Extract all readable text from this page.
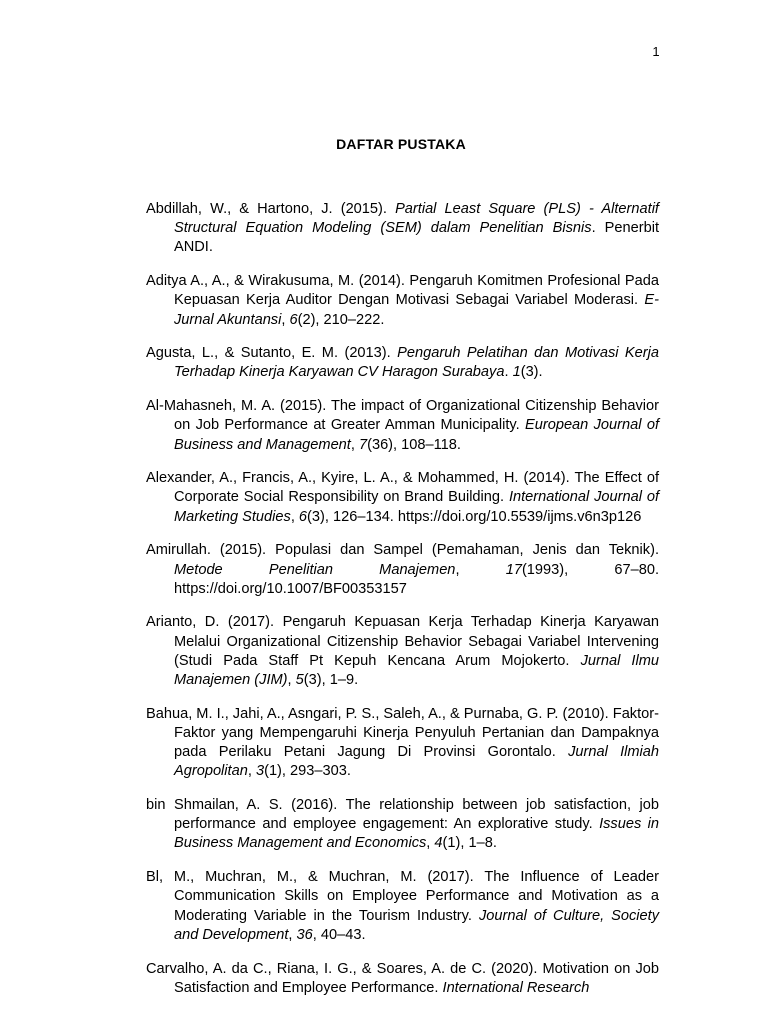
1
DAFTAR PUSTAKA

Abdillah, W., & Hartono, J. (2015). Partial Least Square (PLS) - Alternatif Structural Equation Modeling (SEM) dalam Penelitian Bisnis. Penerbit ANDI.

Aditya A., A., & Wirakusuma, M. (2014). Pengaruh Komitmen Profesional Pada Kepuasan Kerja Auditor Dengan Motivasi Sebagai Variabel Moderasi. E-Jurnal Akuntansi, 6(2), 210–222.

Agusta, L., & Sutanto, E. M. (2013). Pengaruh Pelatihan dan Motivasi Kerja Terhadap Kinerja Karyawan CV Haragon Surabaya. 1(3).

Al-Mahasneh, M. A. (2015). The impact of Organizational Citizenship Behavior on Job Performance at Greater Amman Municipality. European Journal of Business and Management, 7(36), 108–118.

Alexander, A., Francis, A., Kyire, L. A., & Mohammed, H. (2014). The Effect of Corporate Social Responsibility on Brand Building. International Journal of Marketing Studies, 6(3), 126–134. https://doi.org/10.5539/ijms.v6n3p126

Amirullah. (2015). Populasi dan Sampel (Pemahaman, Jenis dan Teknik). Metode Penelitian Manajemen, 17(1993), 67–80. https://doi.org/10.1007/BF00353157

Arianto, D. (2017). Pengaruh Kepuasan Kerja Terhadap Kinerja Karyawan Melalui Organizational Citizenship Behavior Sebagai Variabel Intervening (Studi Pada Staff Pt Kepuh Kencana Arum Mojokerto. Jurnal Ilmu Manajemen (JIM), 5(3), 1–9.

Bahua, M. I., Jahi, A., Asngari, P. S., Saleh, A., & Purnaba, G. P. (2010). Faktor-Faktor yang Mempengaruhi Kinerja Penyuluh Pertanian dan Dampaknya pada Perilaku Petani Jagung Di Provinsi Gorontalo. Jurnal Ilmiah Agropolitan, 3(1), 293–303.

bin Shmailan, A. S. (2016). The relationship between job satisfaction, job performance and employee engagement: An explorative study. Issues in Business Management and Economics, 4(1), 1–8.

Bl, M., Muchran, M., & Muchran, M. (2017). The Influence of Leader Communication Skills on Employee Performance and Motivation as a Moderating Variable in the Tourism Industry. Journal of Culture, Society and Development, 36, 40–43.

Carvalho, A. da C., Riana, I. G., & Soares, A. de C. (2020). Motivation on Job Satisfaction and Employee Performance. International Research
